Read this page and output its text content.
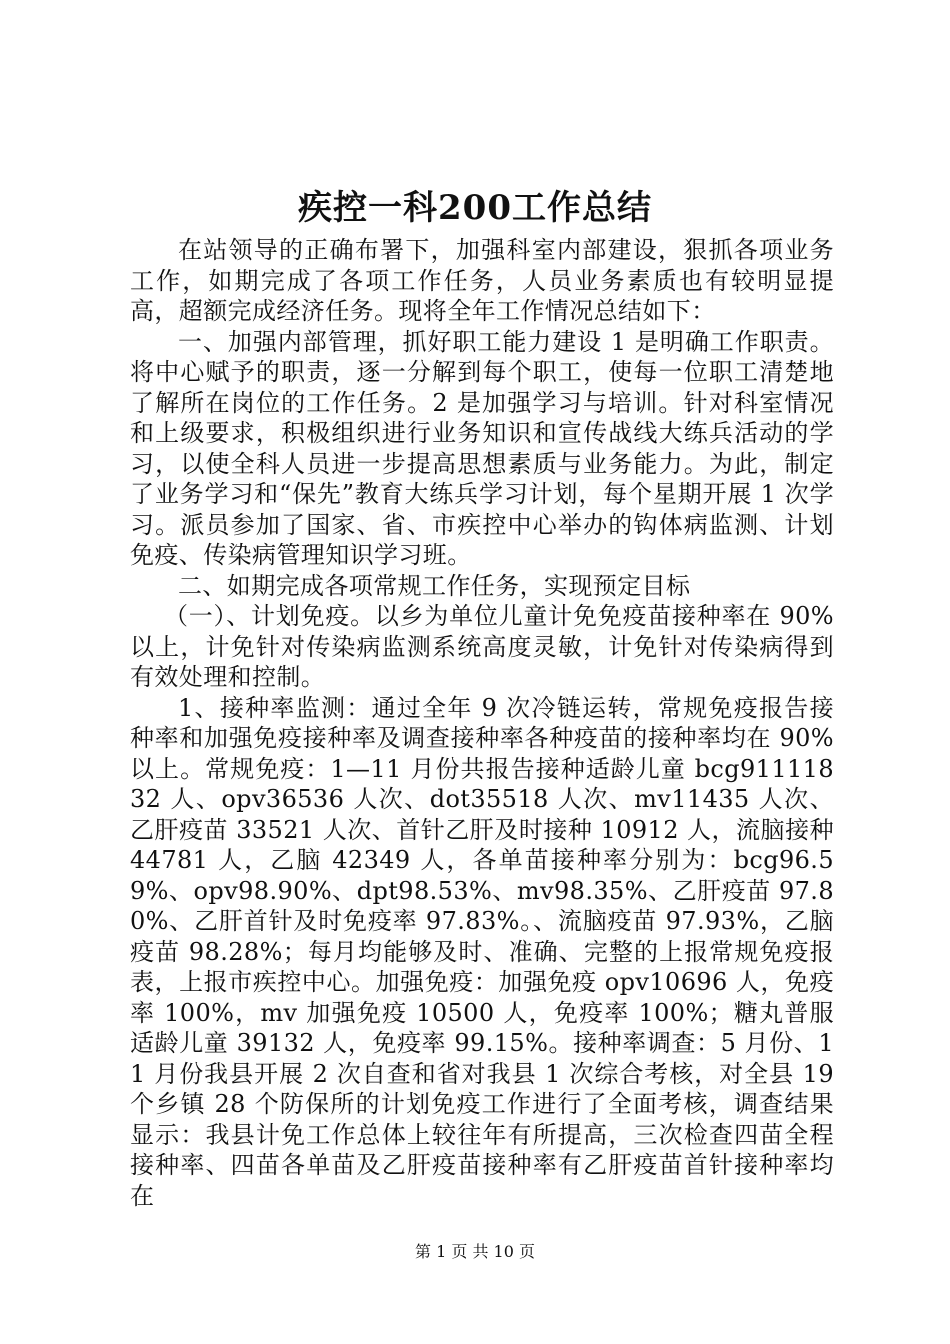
疾控一科200工作总结

在站领导的正确布署下，加强科室内部建设，狠抓各项业务工作，如期完成了各项工作任务，人员业务素质也有较明显提高，超额完成经济任务。现将全年工作情况总结如下：

一、加强内部管理，抓好职工能力建设 1 是明确工作职责。将中心赋予的职责，逐一分解到每个职工，使每一位职工清楚地了解所在岗位的工作任务。2 是加强学习与培训。针对科室情况和上级要求，积极组织进行业务知识和宣传战线大练兵活动的学习，以使全科人员进一步提高思想素质与业务能力。为此，制定了业务学习和“保先”教育大练兵学习计划，每个星期开展 1 次学习。派员参加了国家、省、市疾控中心举办的钩体病监测、计划免疫、传染病管理知识学习班。

二、如期完成各项常规工作任务，实现预定目标

（一）、计划免疫。以乡为单位儿童计免免疫苗接种率在 90%以上，计免针对传染病监测系统高度灵敏，计免针对传染病得到有效处理和控制。

1、接种率监测：通过全年 9 次冷链运转，常规免疫报告接种率和加强免疫接种率及调查接种率各种疫苗的接种率均在 90%以上。常规免疫：1—11 月份共报告接种适龄儿童 bcg91111832 人、opv36536 人次、dot35518 人次、mv11435 人次、乙肝疫苗 33521 人次、首针乙肝及时接种 10912 人，流脑接种 44781 人，乙脑 42349 人，各单苗接种率分别为：bcg96.59%、opv98.90%、dpt98.53%、mv98.35%、乙肝疫苗 97.80%、乙肝首针及时免疫率 97.83%。、流脑疫苗 97.93%，乙脑疫苗 98.28%；每月均能够及时、准确、完整的上报常规免疫报表，上报市疾控中心。加强免疫：加强免疫 opv10696 人，免疫率 100%，mv 加强免疫 10500 人，免疫率 100%；糖丸普服适龄儿童 39132 人，免疫率 99.15%。接种率调查：5 月份、11 月份我县开展 2 次自查和省对我县 1 次综合考核，对全县 19 个乡镇 28 个防保所的计划免疫工作进行了全面考核，调查结果显示：我县计免工作总体上较往年有所提高，三次检查四苗全程接种率、四苗各单苗及乙肝疫苗接种率有乙肝疫苗首针接种率均在

第 1 页 共 10 页
